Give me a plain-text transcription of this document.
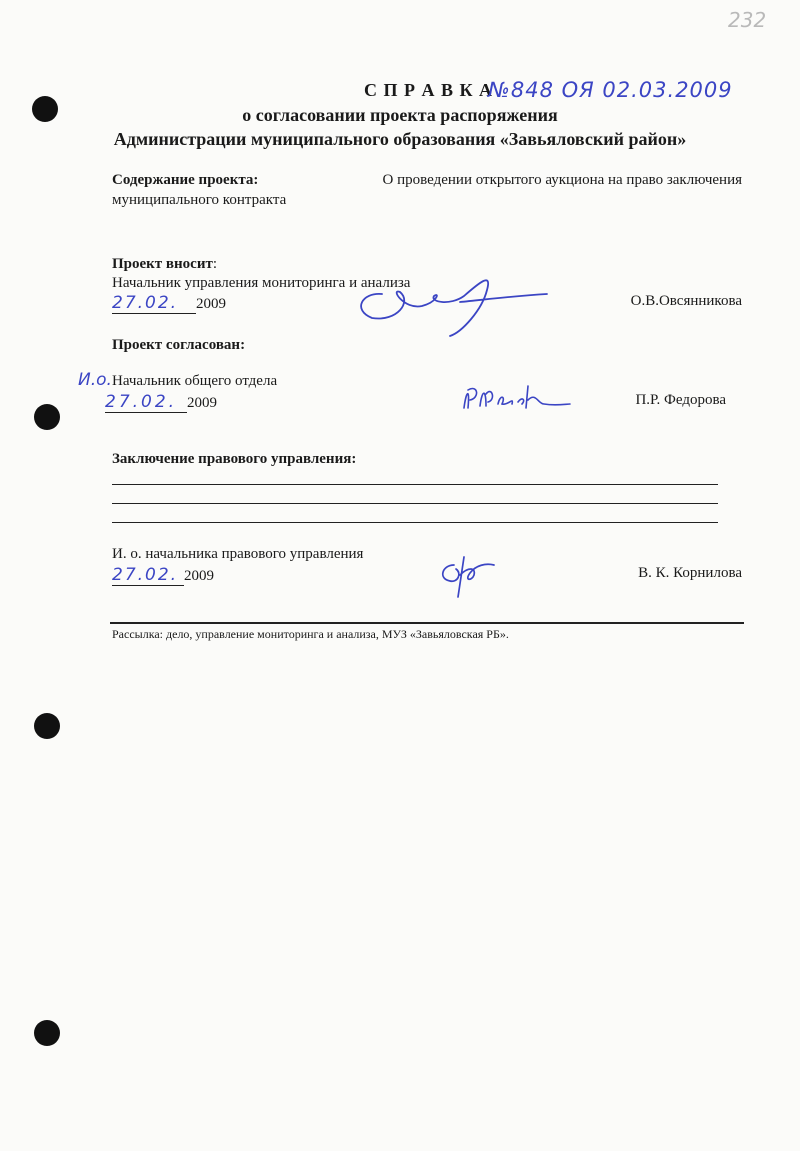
232
С П Р А В К А
№848 ОЯ 02.03.2009
о согласовании проекта распоряжения
Администрации муниципального образования «Завьяловский район»
Содержание проекта:	О проведении открытого аукциона на право заключения
муниципального контракта
Проект вносит:
Начальник управления мониторинга и анализа
27.02. 2009	О.В.Овсянникова
Проект согласован:
И.о. Начальник общего отдела
27.02. 2009	П.Р. Федорова
Заключение правового управления:
И. о. начальника правового управления
27.02. 2009	В. К. Корнилова
Рассылка: дело, управление мониторинга и анализа, МУЗ «Завьяловская РБ».
